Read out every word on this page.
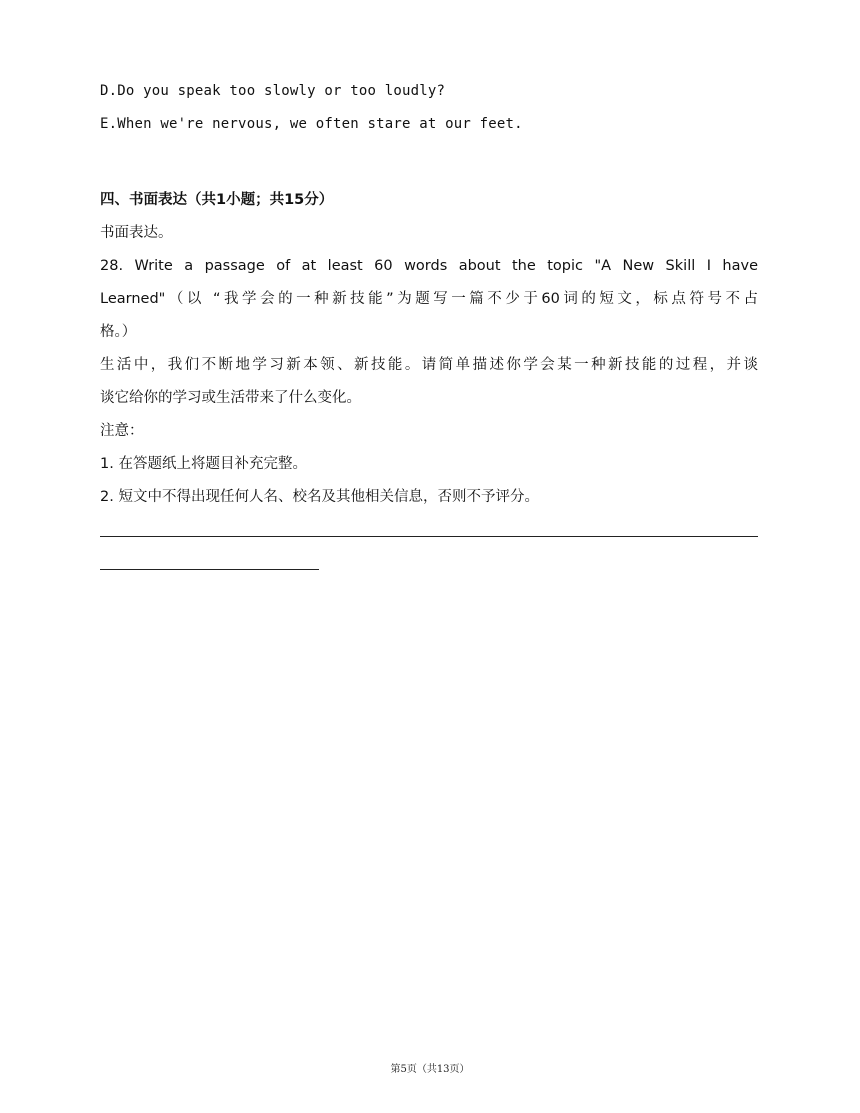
D.Do you speak too slowly or too loudly?
E.When we're nervous, we often stare at our feet.
四、书面表达（共1小题；共15分）
书面表达。
28. Write a passage of at least 60 words about the topic "A New Skill I have
Learned"（以 “我学会的一种新技能”为题写一篇不少于60词的短文，标点符号不占
格。）
生活中，我们不断地学习新本领、新技能。请简单描述你学会某一种新技能的过程，并谈
谈它给你的学习或生活带来了什么变化。
注意：
1. 在答题纸上将题目补充完整。
2. 短文中不得出现任何人名、校名及其他相关信息，否则不予评分。
第5页（共13页）
